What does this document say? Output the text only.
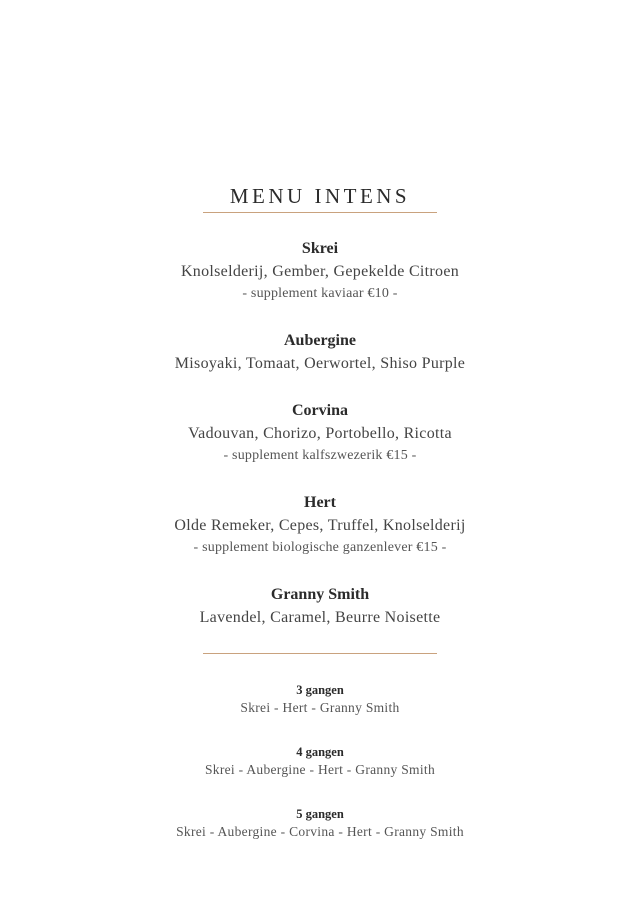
MENU INTENS
Skrei
Knolselderij, Gember, Gepekelde Citroen
- supplement kaviaar €10 -
Aubergine
Misoyaki, Tomaat, Oerwortel, Shiso Purple
Corvina
Vadouvan, Chorizo, Portobello, Ricotta
- supplement kalfszwezerik €15 -
Hert
Olde Remeker, Cepes, Truffel, Knolselderij
- supplement biologische ganzenlever €15 -
Granny Smith
Lavendel, Caramel, Beurre Noisette
3 gangen
Skrei - Hert - Granny Smith
4 gangen
Skrei - Aubergine - Hert - Granny Smith
5 gangen
Skrei - Aubergine - Corvina - Hert - Granny Smith
